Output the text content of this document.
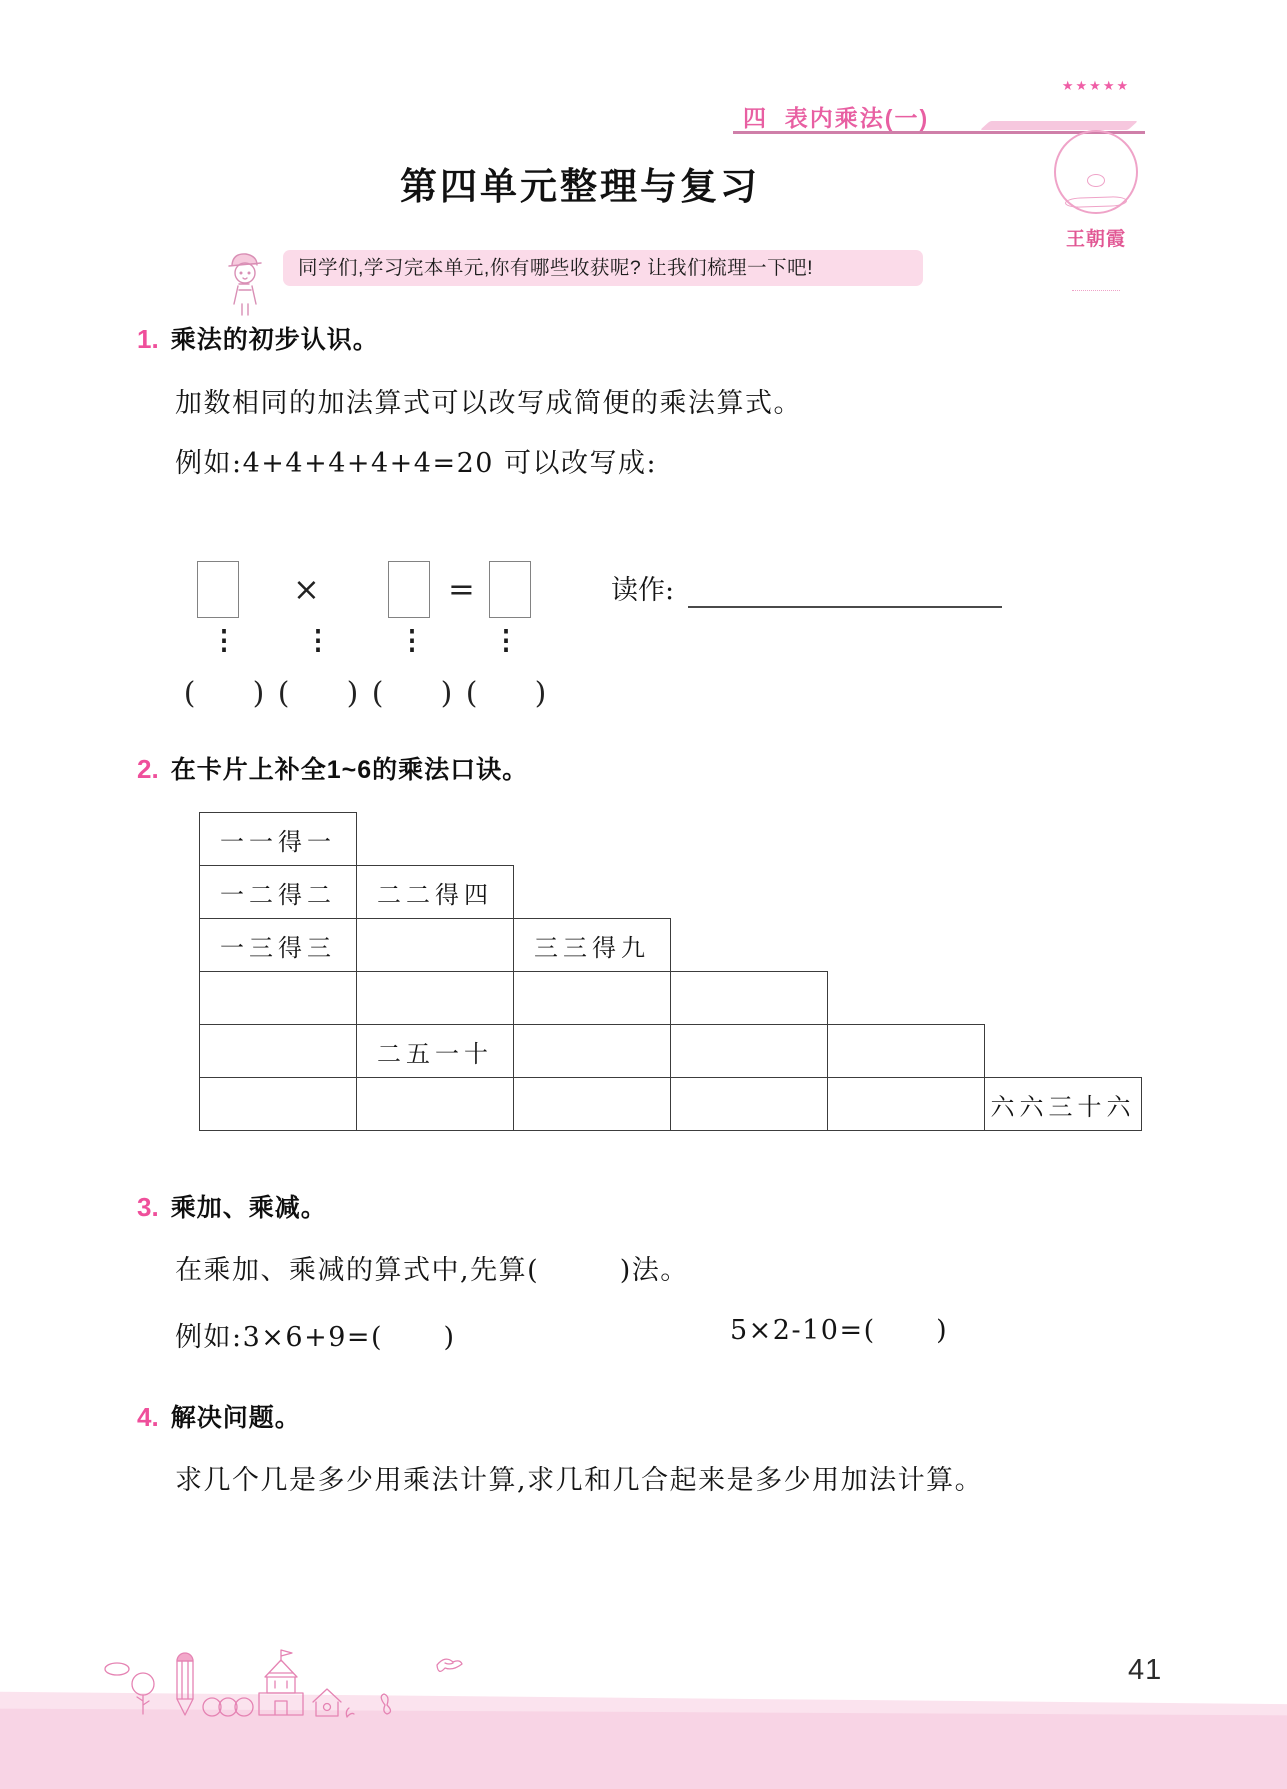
四  表内乘法(一)

★★★★★

王朝霞

第四单元整理与复习
同学们,学习完本单元,你有哪些收获呢? 让我们梳理一下吧!
1. 乘法的初步认识。
加数相同的加法算式可以改写成简便的乘法算式。
例如:4+4+4+4+4=20 可以改写成:
×	=	读作:
⋮	⋮	⋮	⋮
(      ) (      ) (      ) (      )
2. 在卡片上补全1~6的乘法口诀。
一一得一					
一二得二	二二得四				
一三得三		三三得九			

	二五一十				
					六六三十六
3. 乘加、乘减。
在乘加、乘减的算式中,先算(        )法。
例如:3×6+9=(      )	5×2-10=(      )
4. 解决问题。
求几个几是多少用乘法计算,求几和几合起来是多少用加法计算。
41
